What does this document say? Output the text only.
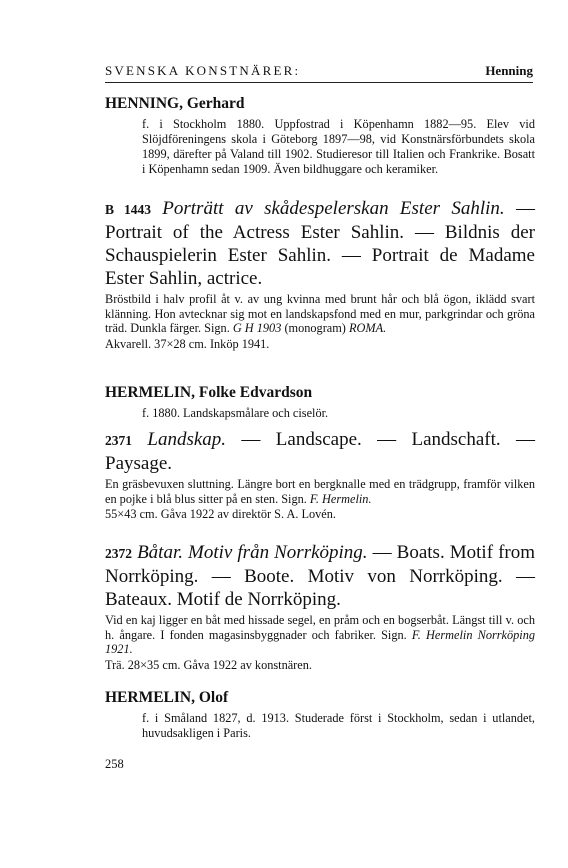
SVENSKA KONSTNÄRER:	Henning
HENNING, Gerhard
f. i Stockholm 1880. Uppfostrad i Köpenhamn 1882—95. Elev vid Slöjdföreningens skola i Göteborg 1897—98, vid Konstnärsförbundets skola 1899, därefter på Valand till 1902. Studieresor till Italien och Frankrike. Bosatt i Köpenhamn sedan 1909. Även bildhuggare och keramiker.
B 1443 Porträtt av skådespelerskan Ester Sahlin. — Portrait of the Actress Ester Sahlin. — Bildnis der Schauspielerin Ester Sahlin. — Portrait de Madame Ester Sahlin, actrice.
Bröstbild i halv profil åt v. av ung kvinna med brunt hår och blå ögon, iklädd svart klänning. Hon avtecknar sig mot en landskapsfond med en mur, parkgrindar och gröna träd. Dunkla färger. Sign. G H 1903 (monogram) ROMA.
Akvarell. 37×28 cm. Inköp 1941.
HERMELIN, Folke Edvardson
f. 1880. Landskapsmålare och ciselör.
2371 Landskap. — Landscape. — Landschaft. — Paysage.
En gräsbevuxen sluttning. Längre bort en bergknalle med en trädgrupp, framför vilken en pojke i blå blus sitter på en sten. Sign. F. Hermelin.
55×43 cm. Gåva 1922 av direktör S. A. Lovén.
2372 Båtar. Motiv från Norrköping. — Boats. Motif from Norrköping. — Boote. Motiv von Norrköping. — Bateaux. Motif de Norrköping.
Vid en kaj ligger en båt med hissade segel, en pråm och en bogserbåt. Längst till v. och h. ångare. I fonden magasinsbyggnader och fabriker. Sign. F. Hermelin Norrköping 1921.
Trä. 28×35 cm. Gåva 1922 av konstnären.
HERMELIN, Olof
f. i Småland 1827, d. 1913. Studerade först i Stockholm, sedan i utlandet, huvudsakligen i Paris.
258
